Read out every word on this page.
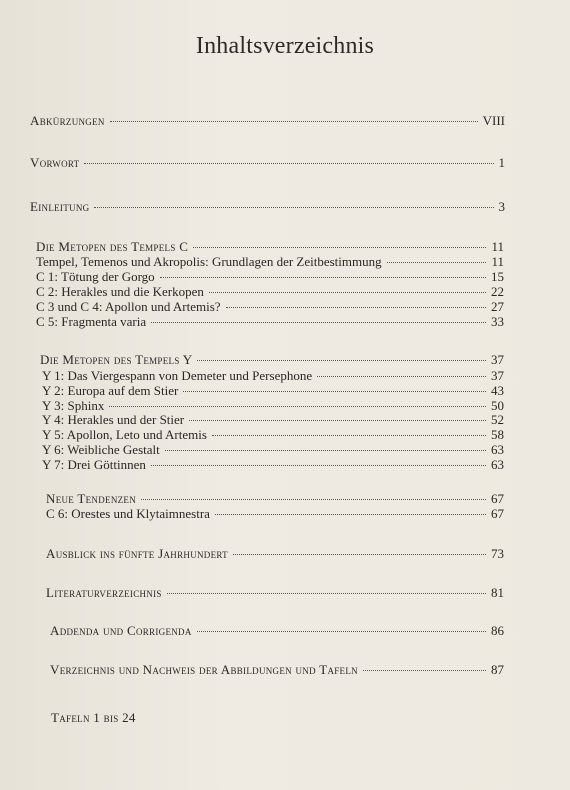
Inhaltsverzeichnis
Abkürzungen	VIII
Vorwort	1
Einleitung	3
Die Metopen des Tempels C	11
Tempel, Temenos und Akropolis: Grundlagen der Zeitbestimmung	11
C 1: Tötung der Gorgo	15
C 2: Herakles und die Kerkopen	22
C 3 und C 4: Apollon und Artemis?	27
C 5: Fragmenta varia	33
Die Metopen des Tempels Y	37
Y 1: Das Viergespann von Demeter und Persephone	37
Y 2: Europa auf dem Stier	43
Y 3: Sphinx	50
Y 4: Herakles und der Stier	52
Y 5: Apollon, Leto und Artemis	58
Y 6: Weibliche Gestalt	63
Y 7: Drei Göttinnen	63
Neue Tendenzen	67
C 6: Orestes und Klytaimnestra	67
Ausblick ins fünfte Jahrhundert	73
Literaturverzeichnis	81
Addenda und Corrigenda	86
Verzeichnis und Nachweis der Abbildungen und Tafeln	87
Tafeln 1 bis 24
